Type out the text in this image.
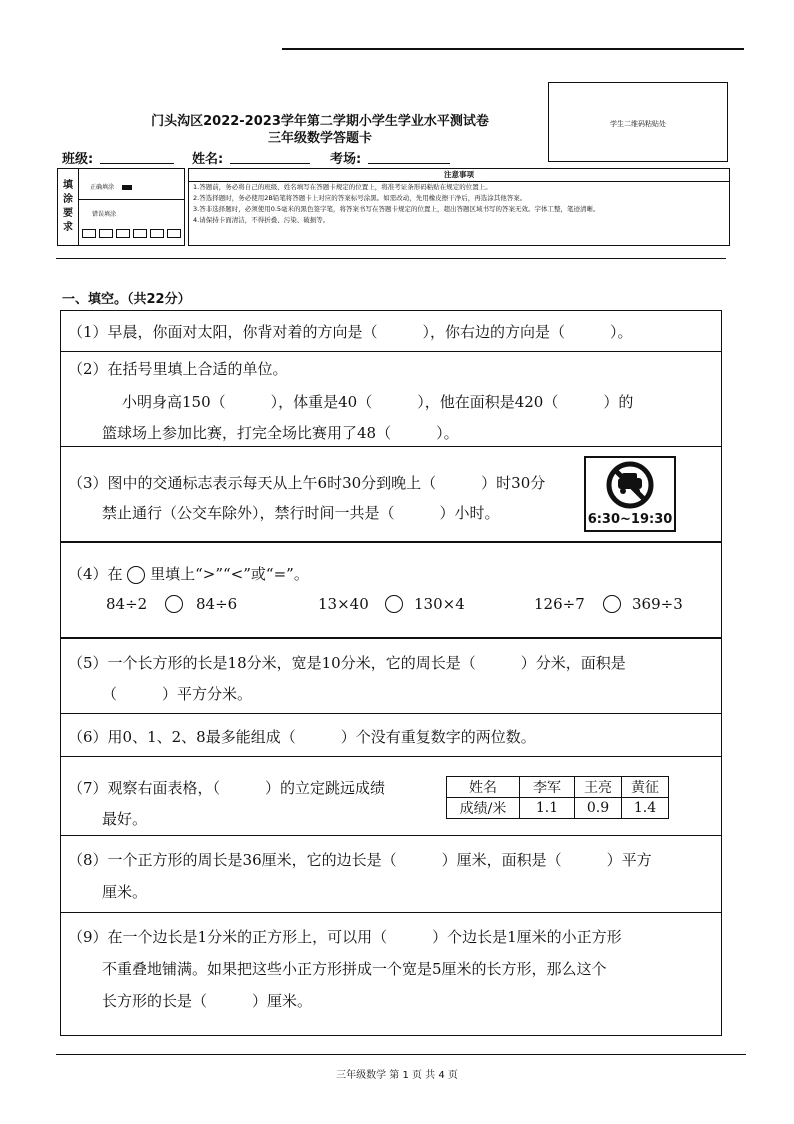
门头沟区2022-2023学年第二学期小学生学业水平测试卷
三年级数学答题卡
学生二维码粘贴处
班级:	姓名:	考场:
填
涂
要
求
正确填涂
错误填涂
注意事项
1.答题前，务必将自己的班级、姓名填写在答题卡规定的位置上，将准考证条形码粘贴在规定的位置上。
2.答选择题时，务必使用2B铅笔将答题卡上对应的答案标号涂黑。如需改动，先用橡皮擦干净后，再选涂其他答案。
3.答非选择题时，必须使用0.5毫米的黑色签字笔，将答案书写在答题卡规定的位置上，超出答题区域书写的答案无效。字体工整，笔迹清晰。
4.请保持卡面清洁，不得折叠、污染、破损等。
一、填空。（共22分）
（1）早晨，你面对太阳，你背对着的方向是（　　　），你右边的方向是（　　　）。
（2）在括号里填上合适的单位。
小明身高150（　　　），体重是40（　　　），他在面积是420（　　　）的
篮球场上参加比赛，打完全场比赛用了48（　　　）。
（3）图中的交通标志表示每天从上午6时30分到晚上（　　　）时30分
禁止通行（公交车除外），禁行时间一共是（　　　）小时。	6:30~19:30
（4）在 里填上“>”“<”或“=”。
84÷2	84÷6	13×40	130×4	126÷7	369÷3
（5）一个长方形的长是18分米，宽是10分米，它的周长是（　　　）分米，面积是
（　　　）平方分米。
（6）用0、1、2、8最多能组成（　　　）个没有重复数字的两位数。
（7）观察右面表格，（　　　）的立定跳远成绩
最好。
姓名	李军	王亮	黄征
成绩/米	1.1	0.9	1.4
（8）一个正方形的周长是36厘米，它的边长是（　　　）厘米，面积是（　　　）平方
厘米。
（9）在一个边长是1分米的正方形上，可以用（　　　）个边长是1厘米的小正方形
不重叠地铺满。如果把这些小正方形拼成一个宽是5厘米的长方形，那么这个
长方形的长是（　　　）厘米。
三年级数学 第 1 页 共 4 页
